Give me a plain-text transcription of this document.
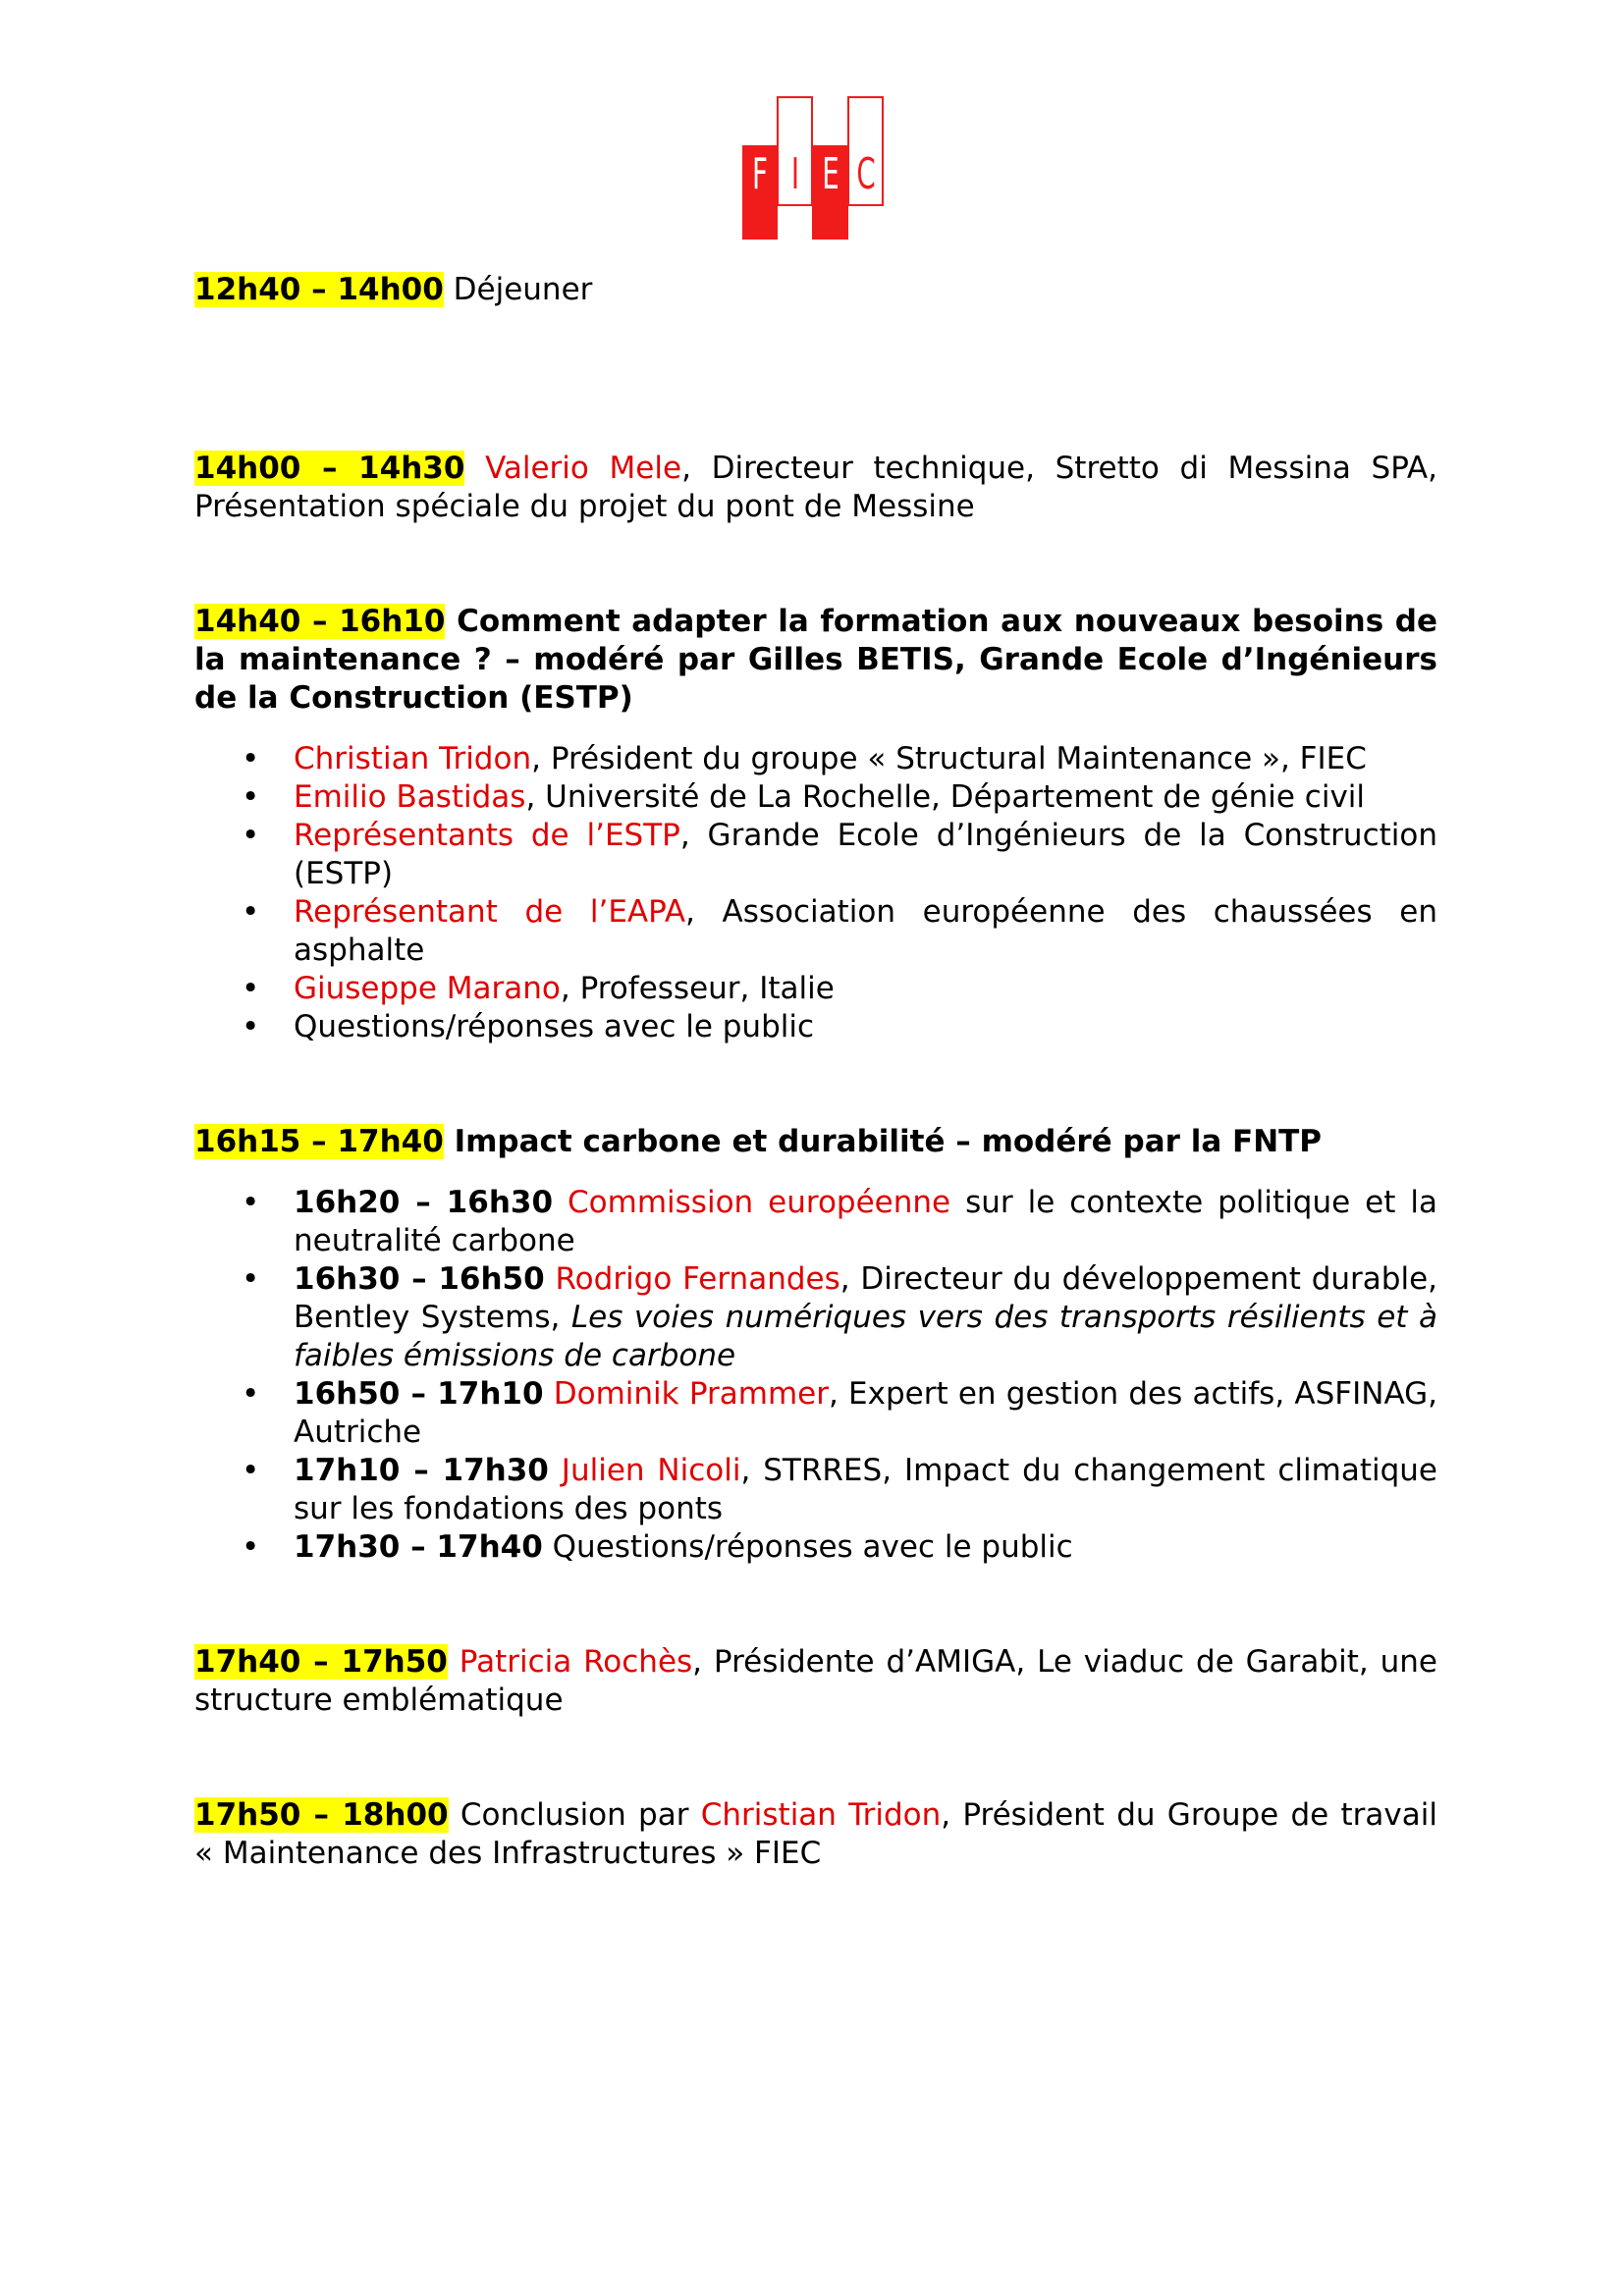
F I E C

12h40 – 14h00 Déjeuner

14h00 – 14h30 Valerio Mele, Directeur technique, Stretto di Messina SPA, Présentation spéciale du projet du pont de Messine

14h40 – 16h10 Comment adapter la formation aux nouveaux besoins de la maintenance ? – modéré par Gilles BETIS, Grande Ecole d’Ingénieurs de la Construction (ESTP)

• Christian Tridon, Président du groupe « Structural Maintenance », FIEC
• Emilio Bastidas, Université de La Rochelle, Département de génie civil
• Représentants de l’ESTP, Grande Ecole d’Ingénieurs de la Construction (ESTP)
• Représentant de l’EAPA, Association européenne des chaussées en asphalte
• Giuseppe Marano, Professeur, Italie
• Questions/réponses avec le public

16h15 – 17h40 Impact carbone et durabilité – modéré par la FNTP

• 16h20 – 16h30 Commission européenne sur le contexte politique et la neutralité carbone
• 16h30 – 16h50 Rodrigo Fernandes, Directeur du développement durable, Bentley Systems, Les voies numériques vers des transports résilients et à faibles émissions de carbone
• 16h50 – 17h10 Dominik Prammer, Expert en gestion des actifs, ASFINAG, Autriche
• 17h10 – 17h30 Julien Nicoli, STRRES, Impact du changement climatique sur les fondations des ponts
• 17h30 – 17h40 Questions/réponses avec le public

17h40 – 17h50 Patricia Rochès, Présidente d’AMIGA, Le viaduc de Garabit, une structure emblématique

17h50 – 18h00 Conclusion par Christian Tridon, Président du Groupe de travail « Maintenance des Infrastructures » FIEC
